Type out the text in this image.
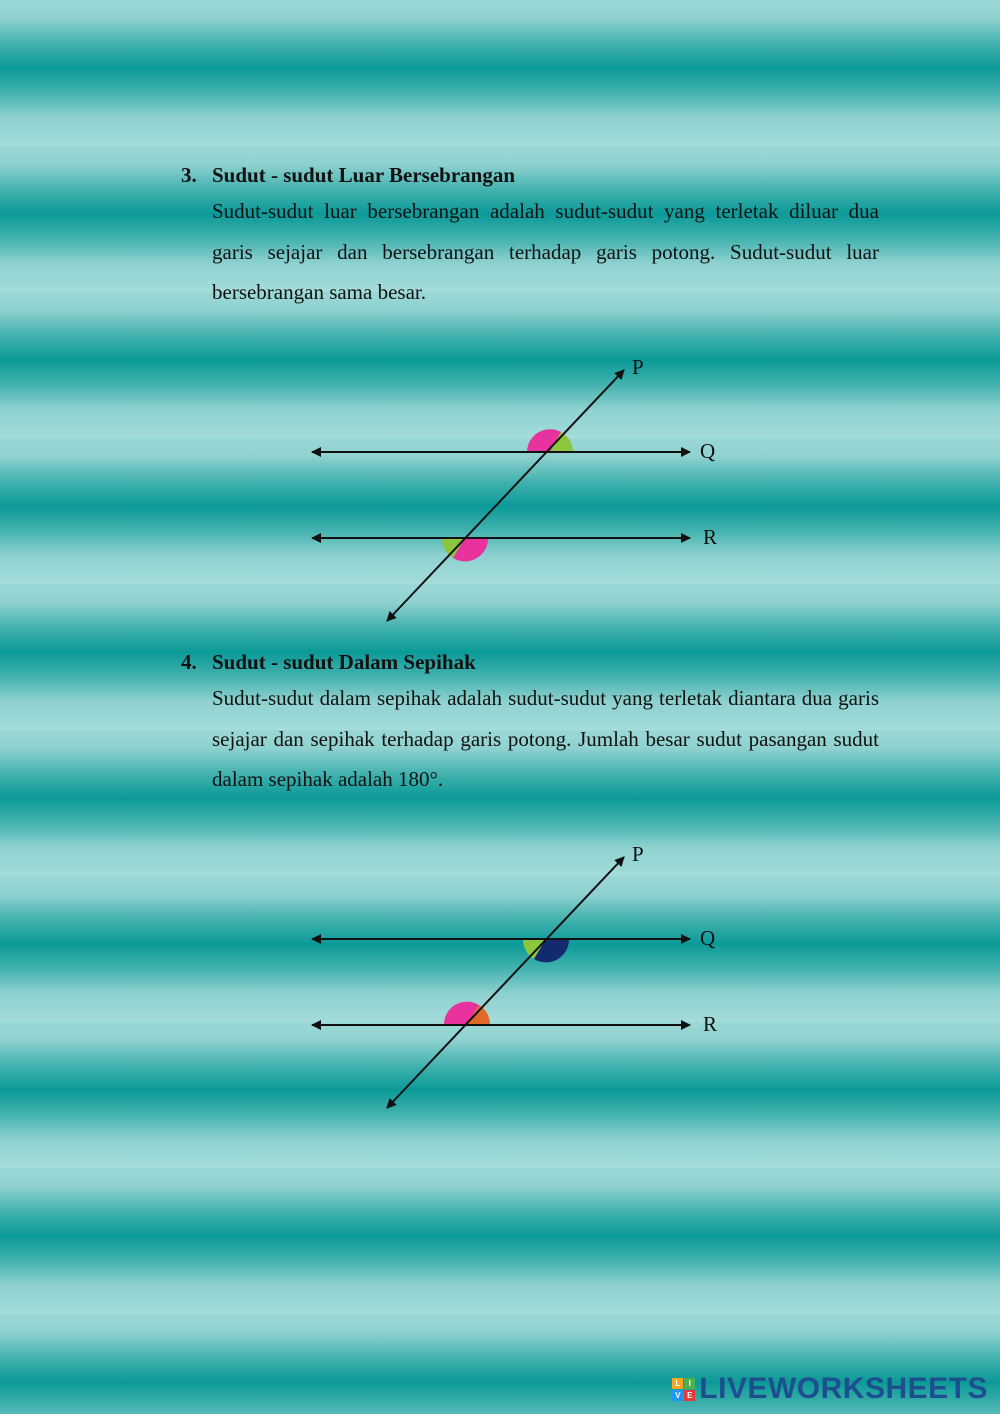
3. Sudut - sudut Luar Bersebrangan

Sudut-sudut luar bersebrangan adalah sudut-sudut yang terletak diluar dua garis sejajar dan bersebrangan terhadap garis potong. Sudut-sudut luar bersebrangan sama besar.

P
Q
R
4. Sudut - sudut Dalam Sepihak

Sudut-sudut dalam sepihak adalah sudut-sudut yang terletak diantara dua garis sejajar dan sepihak terhadap garis potong. Jumlah besar sudut pasangan sudut dalam sepihak adalah 180°.

P
Q
R
L	I
V E LIVEWORKSHEETS
